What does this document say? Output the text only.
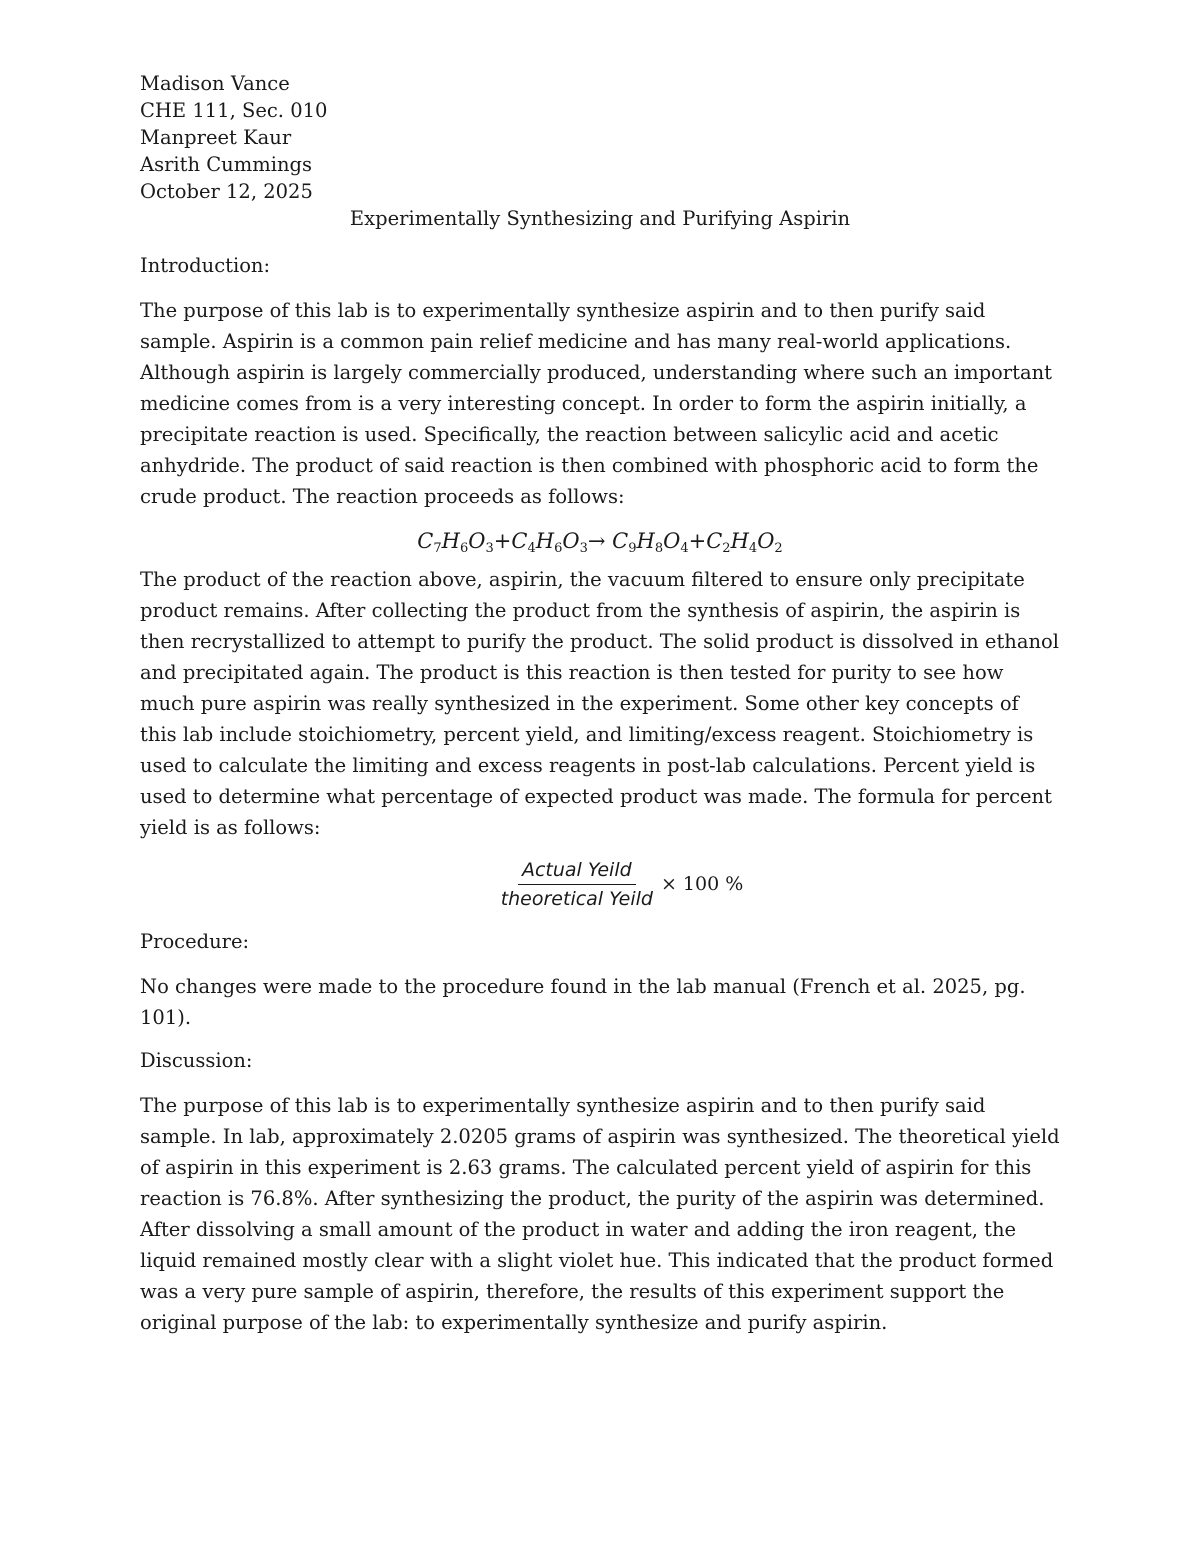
Madison Vance
CHE 111, Sec. 010
Manpreet Kaur
Asrith Cummings
October 12, 2025
Experimentally Synthesizing and Purifying Aspirin
Introduction:

The purpose of this lab is to experimentally synthesize aspirin and to then purify said sample. Aspirin is a common pain relief medicine and has many real-world applications. Although aspirin is largely commercially produced, understanding where such an important medicine comes from is a very interesting concept. In order to form the aspirin initially, a precipitate reaction is used. Specifically, the reaction between salicylic acid and acetic anhydride. The product of said reaction is then combined with phosphoric acid to form the crude product. The reaction proceeds as follows:

$C_7H_6O_3+C_4H_6O_3\to C_9H_8O_4+C_2H_4O_2$

The product of the reaction above, aspirin, the vacuum filtered to ensure only precipitate product remains. After collecting the product from the synthesis of aspirin, the aspirin is then recrystallized to attempt to purify the product. The solid product is dissolved in ethanol and precipitated again. The product is this reaction is then tested for purity to see how much pure aspirin was really synthesized in the experiment. Some other key concepts of this lab include stoichiometry, percent yield, and limiting/excess reagent. Stoichiometry is used to calculate the limiting and excess reagents in post-lab calculations. Percent yield is used to determine what percentage of expected product was made. The formula for percent yield is as follows:

$\frac{\text{Actual Yeild}}{\text{theoretical Yeild}} \times 100$ %
Procedure:

No changes were made to the procedure found in the lab manual (French et al. 2025, pg. 101).

Discussion:

The purpose of this lab is to experimentally synthesize aspirin and to then purify said sample. In lab, approximately 2.0205 grams of aspirin was synthesized. The theoretical yield of aspirin in this experiment is 2.63 grams. The calculated percent yield of aspirin for this reaction is 76.8%. After synthesizing the product, the purity of the aspirin was determined. After dissolving a small amount of the product in water and adding the iron reagent, the liquid remained mostly clear with a slight violet hue. This indicated that the product formed was a very pure sample of aspirin, therefore, the results of this experiment support the original purpose of the lab: to experimentally synthesize and purify aspirin.
